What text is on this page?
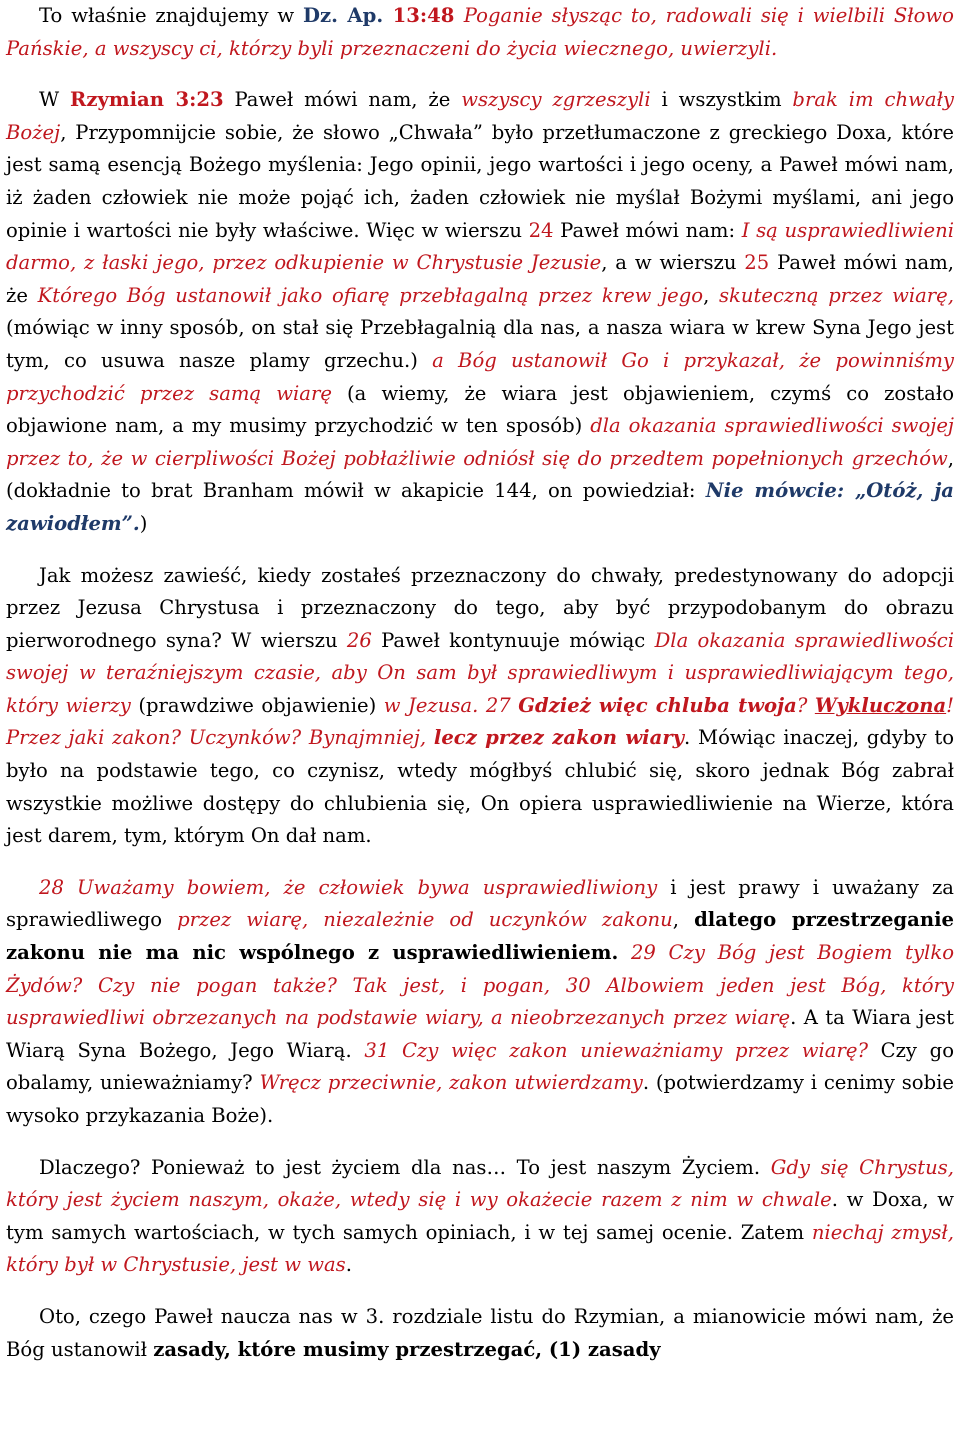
To właśnie znajdujemy w Dz. Ap. 13:48 Poganie słysząc to, radowali się i wielbili Słowo Pańskie, a wszyscy ci, którzy byli przeznaczeni do życia wiecznego, uwierzyli.

W Rzymian 3:23 Paweł mówi nam, że wszyscy zgrzeszyli i wszystkim brak im chwały Bożej, Przypomnijcie sobie, że słowo „Chwała” było przetłumaczone z greckiego Doxa, które jest samą esencją Bożego myślenia: Jego opinii, jego wartości i jego oceny, a Paweł mówi nam, iż żaden człowiek nie może pojąć ich, żaden człowiek nie myślał Bożymi myślami, ani jego opinie i wartości nie były właściwe. Więc w wierszu 24 Paweł mówi nam: I są usprawiedliwieni darmo, z łaski jego, przez odkupienie w Chrystusie Jezusie, a w wierszu 25 Paweł mówi nam, że Którego Bóg ustanowił jako ofiarę przebłagalną przez krew jego, skuteczną przez wiarę, (mówiąc w inny sposób, on stał się Przebłagalnią dla nas, a nasza wiara w krew Syna Jego jest tym, co usuwa nasze plamy grzechu.) a Bóg ustanowił Go i przykazał, że powinniśmy przychodzić przez samą wiarę (a wiemy, że wiara jest objawieniem, czymś co zostało objawione nam, a my musimy przychodzić w ten sposób) dla okazania sprawiedliwości swojej przez to, że w cierpliwości Bożej pobłażliwie odniósł się do przedtem popełnionych grzechów, (dokładnie to brat Branham mówił w akapicie 144, on powiedział: Nie mówcie: „Otóż, ja zawiodłem”.)

Jak możesz zawieść, kiedy zostałeś przeznaczony do chwały, predestynowany do adopcji przez Jezusa Chrystusa i przeznaczony do tego, aby być przypodobanym do obrazu pierworodnego syna? W wierszu 26 Paweł kontynuuje mówiąc Dla okazania sprawiedliwości swojej w teraźniejszym czasie, aby On sam był sprawiedliwym i usprawiedliwiającym tego, który wierzy (prawdziwe objawienie) w Jezusa. 27 Gdzież więc chluba twoja? Wykluczona! Przez jaki zakon? Uczynków? Bynajmniej, lecz przez zakon wiary. Mówiąc inaczej, gdyby to było na podstawie tego, co czynisz, wtedy mógłbyś chlubić się, skoro jednak Bóg zabrał wszystkie możliwe dostępy do chlubienia się, On opiera usprawiedliwienie na Wierze, która jest darem, tym, którym On dał nam.

28 Uważamy bowiem, że człowiek bywa usprawiedliwiony i jest prawy i uważany za sprawiedliwego przez wiarę, niezależnie od uczynków zakonu, dlatego przestrzeganie zakonu nie ma nic wspólnego z usprawiedliwieniem. 29 Czy Bóg jest Bogiem tylko Żydów? Czy nie pogan także? Tak jest, i pogan, 30 Albowiem jeden jest Bóg, który usprawiedliwi obrzezanych na podstawie wiary, a nieobrzezanych przez wiarę. A ta Wiara jest Wiarą Syna Bożego, Jego Wiarą. 31 Czy więc zakon unieważniamy przez wiarę? Czy go obalamy, unieważniamy? Wręcz przeciwnie, zakon utwierdzamy. (potwierdzamy i cenimy sobie wysoko przykazania Boże).

Dlaczego? Ponieważ to jest życiem dla nas… To jest naszym Życiem. Gdy się Chrystus, który jest życiem naszym, okaże, wtedy się i wy okażecie razem z nim w chwale. w Doxa, w tym samych wartościach, w tych samych opiniach, i w tej samej ocenie. Zatem niechaj zmysł, który był w Chrystusie, jest w was.

Oto, czego Paweł naucza nas w 3. rozdziale listu do Rzymian, a mianowicie mówi nam, że Bóg ustanowił zasady, które musimy przestrzegać, (1) zasady
